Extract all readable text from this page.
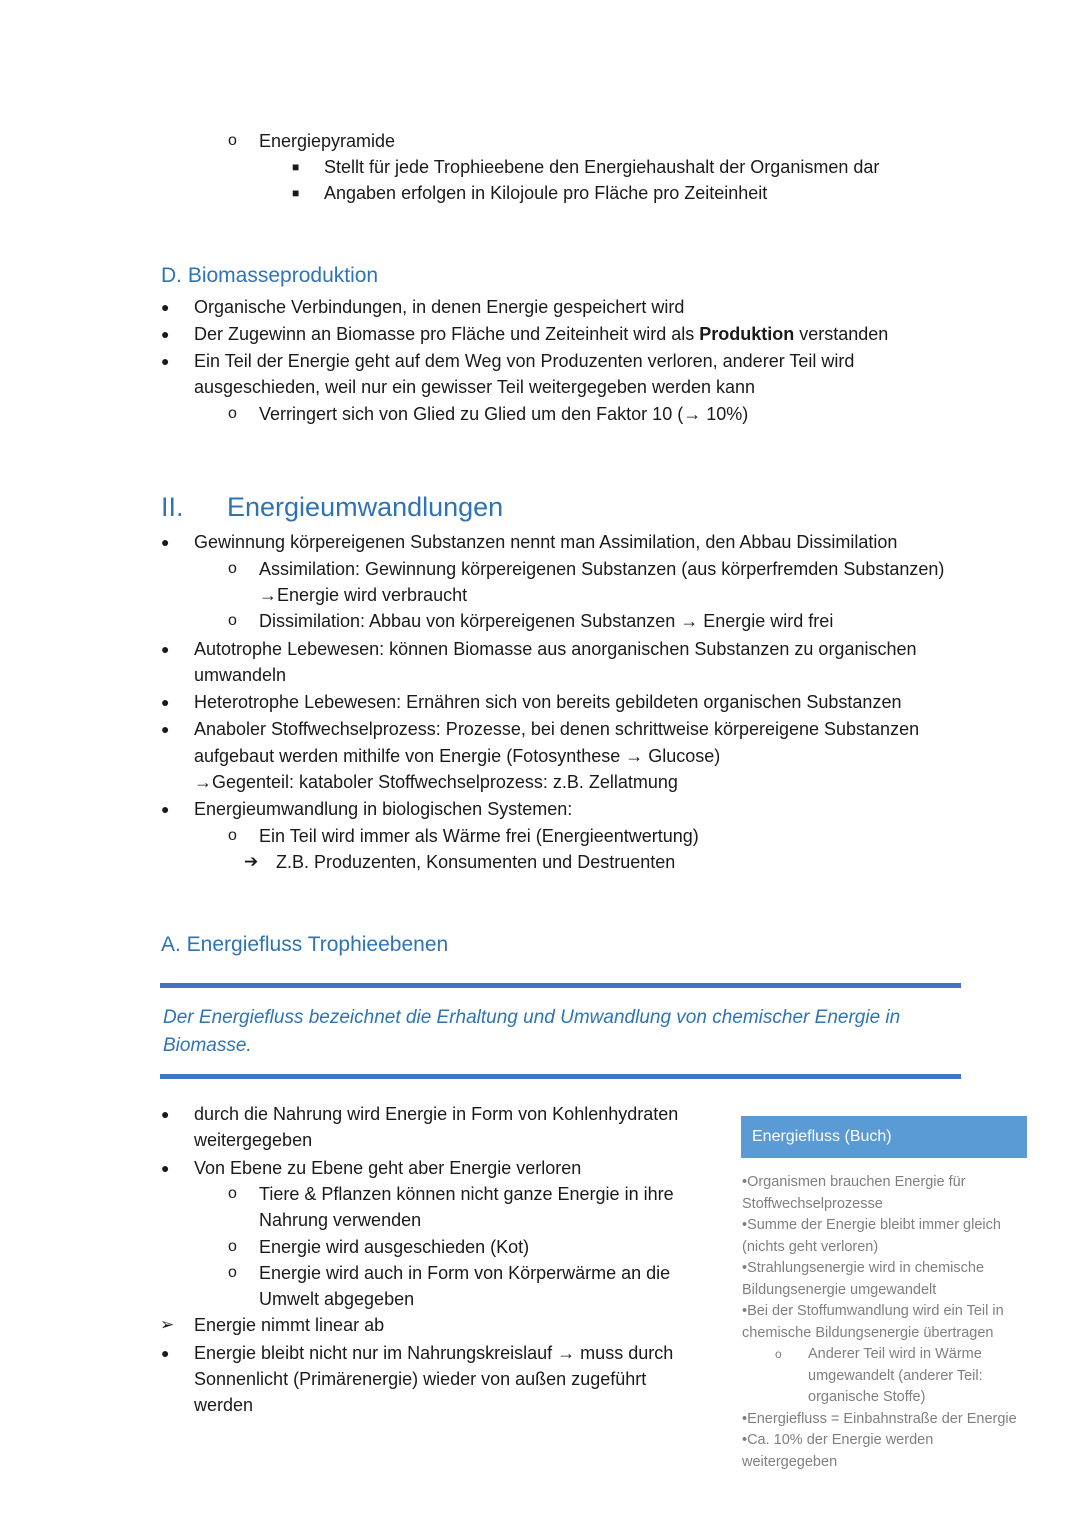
o Energiepyramide
■ Stellt für jede Trophieebene den Energiehaushalt der Organismen dar
■ Angaben erfolgen in Kilojoule pro Fläche pro Zeiteinheit
D. Biomasseproduktion
● Organische Verbindungen, in denen Energie gespeichert wird
● Der Zugewinn an Biomasse pro Fläche und Zeiteinheit wird als Produktion verstanden
● Ein Teil der Energie geht auf dem Weg von Produzenten verloren, anderer Teil wird
ausgeschieden, weil nur ein gewisser Teil weitergegeben werden kann
o Verringert sich von Glied zu Glied um den Faktor 10 (→ 10%)
II. Energieumwandlungen
● Gewinnung körpereigenen Substanzen nennt man Assimilation, den Abbau Dissimilation
o Assimilation: Gewinnung körpereigenen Substanzen (aus körperfremden Substanzen)
→Energie wird verbraucht
o Dissimilation: Abbau von körpereigenen Substanzen → Energie wird frei
● Autotrophe Lebewesen: können Biomasse aus anorganischen Substanzen zu organischen
umwandeln
● Heterotrophe Lebewesen: Ernähren sich von bereits gebildeten organischen Substanzen
● Anaboler Stoffwechselprozess: Prozesse, bei denen schrittweise körpereigene Substanzen
aufgebaut werden mithilfe von Energie (Fotosynthese → Glucose)
→Gegenteil: kataboler Stoffwechselprozess: z.B. Zellatmung
● Energieumwandlung in biologischen Systemen:
o Ein Teil wird immer als Wärme frei (Energieentwertung)
➔ Z.B. Produzenten, Konsumenten und Destruenten
A. Energiefluss Trophieebenen
Der Energiefluss bezeichnet die Erhaltung und Umwandlung von chemischer Energie in
Biomasse.
● durch die Nahrung wird Energie in Form von Kohlenhydraten
weitergegeben
● Von Ebene zu Ebene geht aber Energie verloren
o Tiere & Pflanzen können nicht ganze Energie in ihre
Nahrung verwenden
o Energie wird ausgeschieden (Kot)
o Energie wird auch in Form von Körperwärme an die
Umwelt abgegeben
➢ Energie nimmt linear ab
● Energie bleibt nicht nur im Nahrungskreislauf → muss durch
Sonnenlicht (Primärenergie) wieder von außen zugeführt
werden
Energiefluss (Buch)
•Organismen brauchen Energie für
Stoffwechselprozesse
•Summe der Energie bleibt immer gleich
(nichts geht verloren)
•Strahlungsenergie wird in chemische
Bildungsenergie umgewandelt
•Bei der Stoffumwandlung wird ein Teil in
chemische Bildungsenergie übertragen
o Anderer Teil wird in Wärme
umgewandelt (anderer Teil:
organische Stoffe)
•Energiefluss = Einbahnstraße der Energie
•Ca. 10% der Energie werden
weitergegeben
